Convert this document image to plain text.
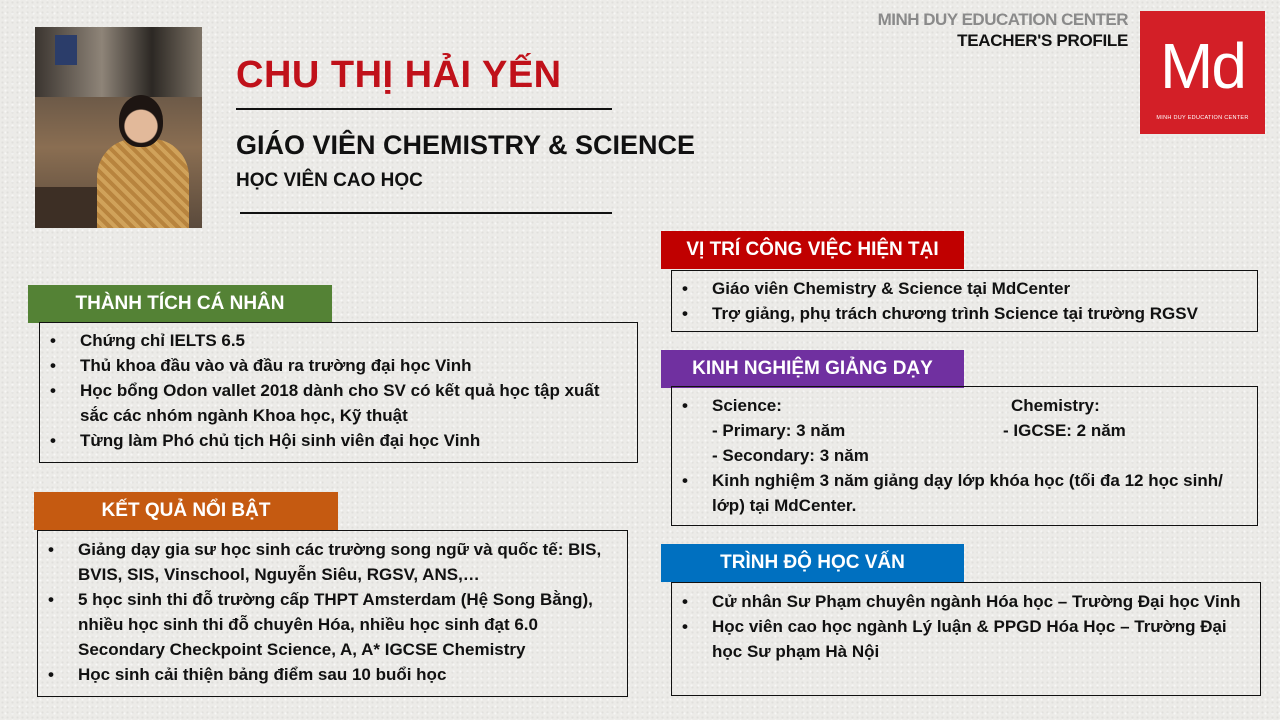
CHU THỊ HẢI YẾN
GIÁO VIÊN CHEMISTRY & SCIENCE
HỌC VIÊN CAO HỌC
MINH DUY EDUCATION CENTER
TEACHER'S PROFILE Md
MINH DUY EDUCATION CENTER
THÀNH TÍCH CÁ NHÂN
• Chứng chỉ IELTS 6.5
• Thủ khoa đầu vào và đầu ra trường đại học Vinh
• Học bổng Odon vallet 2018 dành cho SV có kết quả học tập xuất sắc các nhóm ngành Khoa học, Kỹ thuật
• Từng làm Phó chủ tịch Hội sinh viên đại học Vinh
KẾT QUẢ NỔI BẬT
• Giảng dạy gia sư học sinh các trường song ngữ và quốc tế: BIS, BVIS, SIS, Vinschool, Nguyễn Siêu, RGSV, ANS,…
• 5 học sinh thi đỗ trường cấp THPT Amsterdam (Hệ Song Bằng), nhiều học sinh thi đỗ chuyên Hóa, nhiều học sinh đạt 6.0 Secondary Checkpoint Science, A, A* IGCSE Chemistry
• Học sinh cải thiện bảng điểm sau 10 buổi học
VỊ TRÍ CÔNG VIỆC HIỆN TẠI
• Giáo viên Chemistry & Science tại MdCenter
• Trợ giảng, phụ trách chương trình Science tại trường RGSV
KINH NGHIỆM GIẢNG DẠY
• Science:
- Primary: 3 năm
- Secondary: 3 năm
Chemistry:
- IGCSE: 2 năm
• Kinh nghiệm 3 năm giảng dạy lớp khóa học (tối đa 12 học sinh/ lớp) tại MdCenter.
TRÌNH ĐỘ HỌC VẤN
• Cử nhân Sư Phạm chuyên ngành Hóa học – Trường Đại học Vinh
• Học viên cao học ngành Lý luận & PPGD Hóa Học – Trường Đại học Sư phạm Hà Nội
